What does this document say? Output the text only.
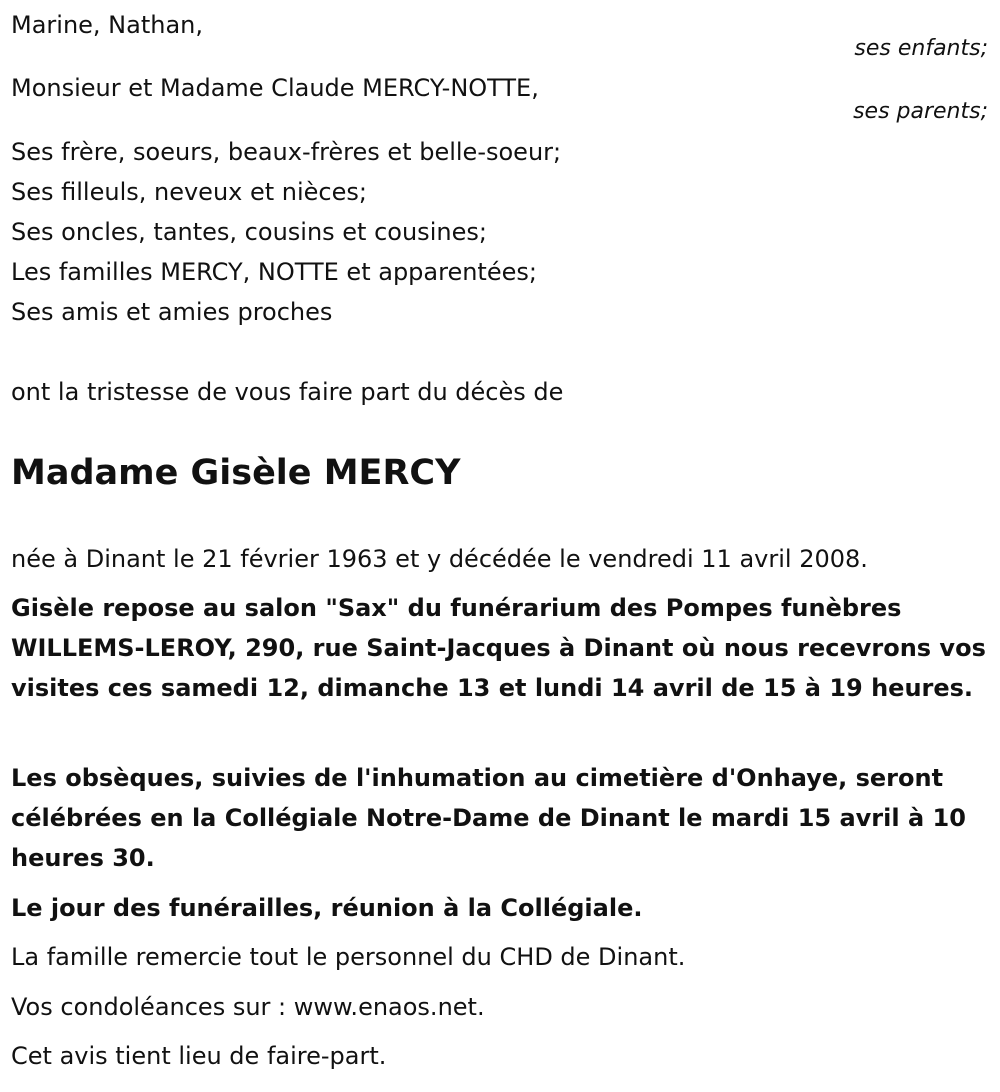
Marine, Nathan,
ses enfants;
Monsieur et Madame Claude MERCY-NOTTE,
ses parents;
Ses frère, soeurs, beaux-frères et belle-soeur;
Ses filleuls, neveux et nièces;
Ses oncles, tantes, cousins et cousines;
Les familles MERCY, NOTTE et apparentées;
Ses amis et amies proches
ont la tristesse de vous faire part du décès de
Madame Gisèle MERCY
née à Dinant le 21 février 1963 et y décédée le vendredi 11 avril 2008.
Gisèle repose au salon "Sax" du funérarium des Pompes funèbres WILLEMS-LEROY, 290, rue Saint-Jacques à Dinant où nous recevrons vos visites ces samedi 12, dimanche 13 et lundi 14 avril de 15 à 19 heures.
Les obsèques, suivies de l'inhumation au cimetière d'Onhaye, seront célébrées en la Collégiale Notre-Dame de Dinant le mardi 15 avril à 10 heures 30.
Le jour des funérailles, réunion à la Collégiale.
La famille remercie tout le personnel du CHD de Dinant.
Vos condoléances sur : www.enaos.net.
Cet avis tient lieu de faire-part.
